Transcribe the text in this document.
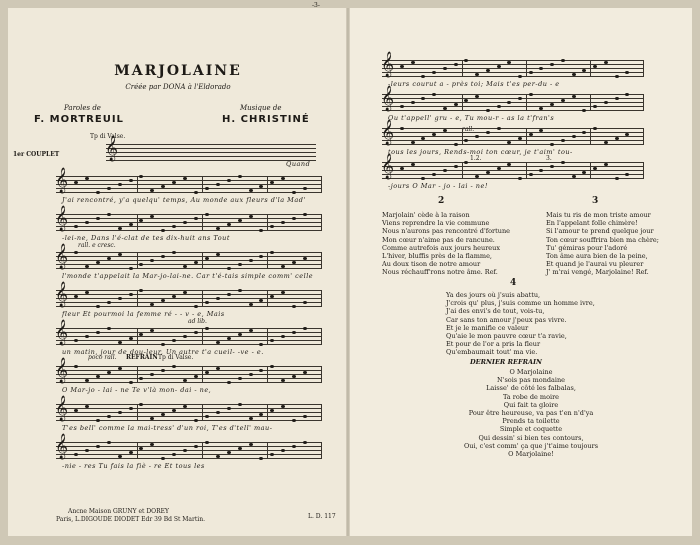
MARJOLAINE
Créée par DONA à l'Eldorado
Paroles de
F. MORTREUIL
Musique de
H. CHRISTINÉ
Tp di Valse.
1er COUPLET
Quand
𝄞
rall. e cresc.
ad lib.
poco rall. REFRAIN Tp di Valse.
Ancne Maison GRUNY et DOREY
Paris, L.DIGOUDE DIODET Edr 39 Bd St Martin.	L. D. 117
𝄞
J'ai rencontré, y'a quelqu' temps, Au monde aux fleurs d'la Mad'
𝄞
-lei-ne, Dans l'é-clat de tes dix-huit ans Tout
𝄞
l'monde t'appelait la Mar-jo-lai-ne. Car t'é-tais simple comm' celle
𝄞
fleur Et pourmoi la femme ré - - v - e, Mais
𝄞
un matin, jour de dou-leur, Un autre t'a cueil- -ve - e.
𝄞
O Mar-jo - lai - ne Te v'là mon- dai - ne,
𝄞
T'es bell' comme la mai-tress' d'un roi, T'es d'tell' mau-
𝄞
-nie - res Tu fais la fiè - re Et tous les
-3-
rall.
1.2.	3.
2
Marjolain' cède à la raison
Viens reprendre la vie commune
Nous n'aurons pas rencontré d'fortune
Mon cœur n'aime pas de rancune.
Comme autrefois aux jours heureux
L'hiver, bluffis près de la flamme,
Au doux tison de notre amour
Nous réchauff'rons notre âme. Ref.
3
Mais tu ris de mon triste amour
En l'appelant folle chimère!
Si l'amour te prend quelque jour
Ton cœur souffrira bien ma chère;
Tu' gémiras pour l'adoré
Ton âme aura bien de la peine,
Et quand je l'aurai vu pleurer
J' m'rai vengé, Marjolaine! Ref.
4
Ya des jours où j'suis abattu,
J'crois qu' plus, j'suis comme un homme ivre,
J'ai des envi's de tout, vois-tu,
Car sans ton amour j'peux pas vivre.
Et je le manifie ce valeur
Qu'aie le mon pauvre cœur t'a ravie,
Et pour de l'or a pris la fleur
Qu'embaumait tout' ma vie.
DERNIER REFRAIN
O Marjolaine
N'sois pas mondaine
Laisse' de côté les falbalas,
Ta robe de moire
Qui fait ta gloire
Pour être heureuse, va pas t'en n'd'ya
Prends ta toilette
Simple et coquette
Qui dessin' si bien tes contours,
Oui, c'est comm' ça que j't'aime toujours
O Marjolaine!
𝄞
-leurs courut a - près toi; Mais t'es per-du - e
𝄞
Ou t'appell' gru - e, Tu mou-r - as la t'fran's
𝄞
tous les jours, Rends-moi ton cœur, je t'aim' tou-
𝄞
-jours O Mar - jo - lai - ne!
